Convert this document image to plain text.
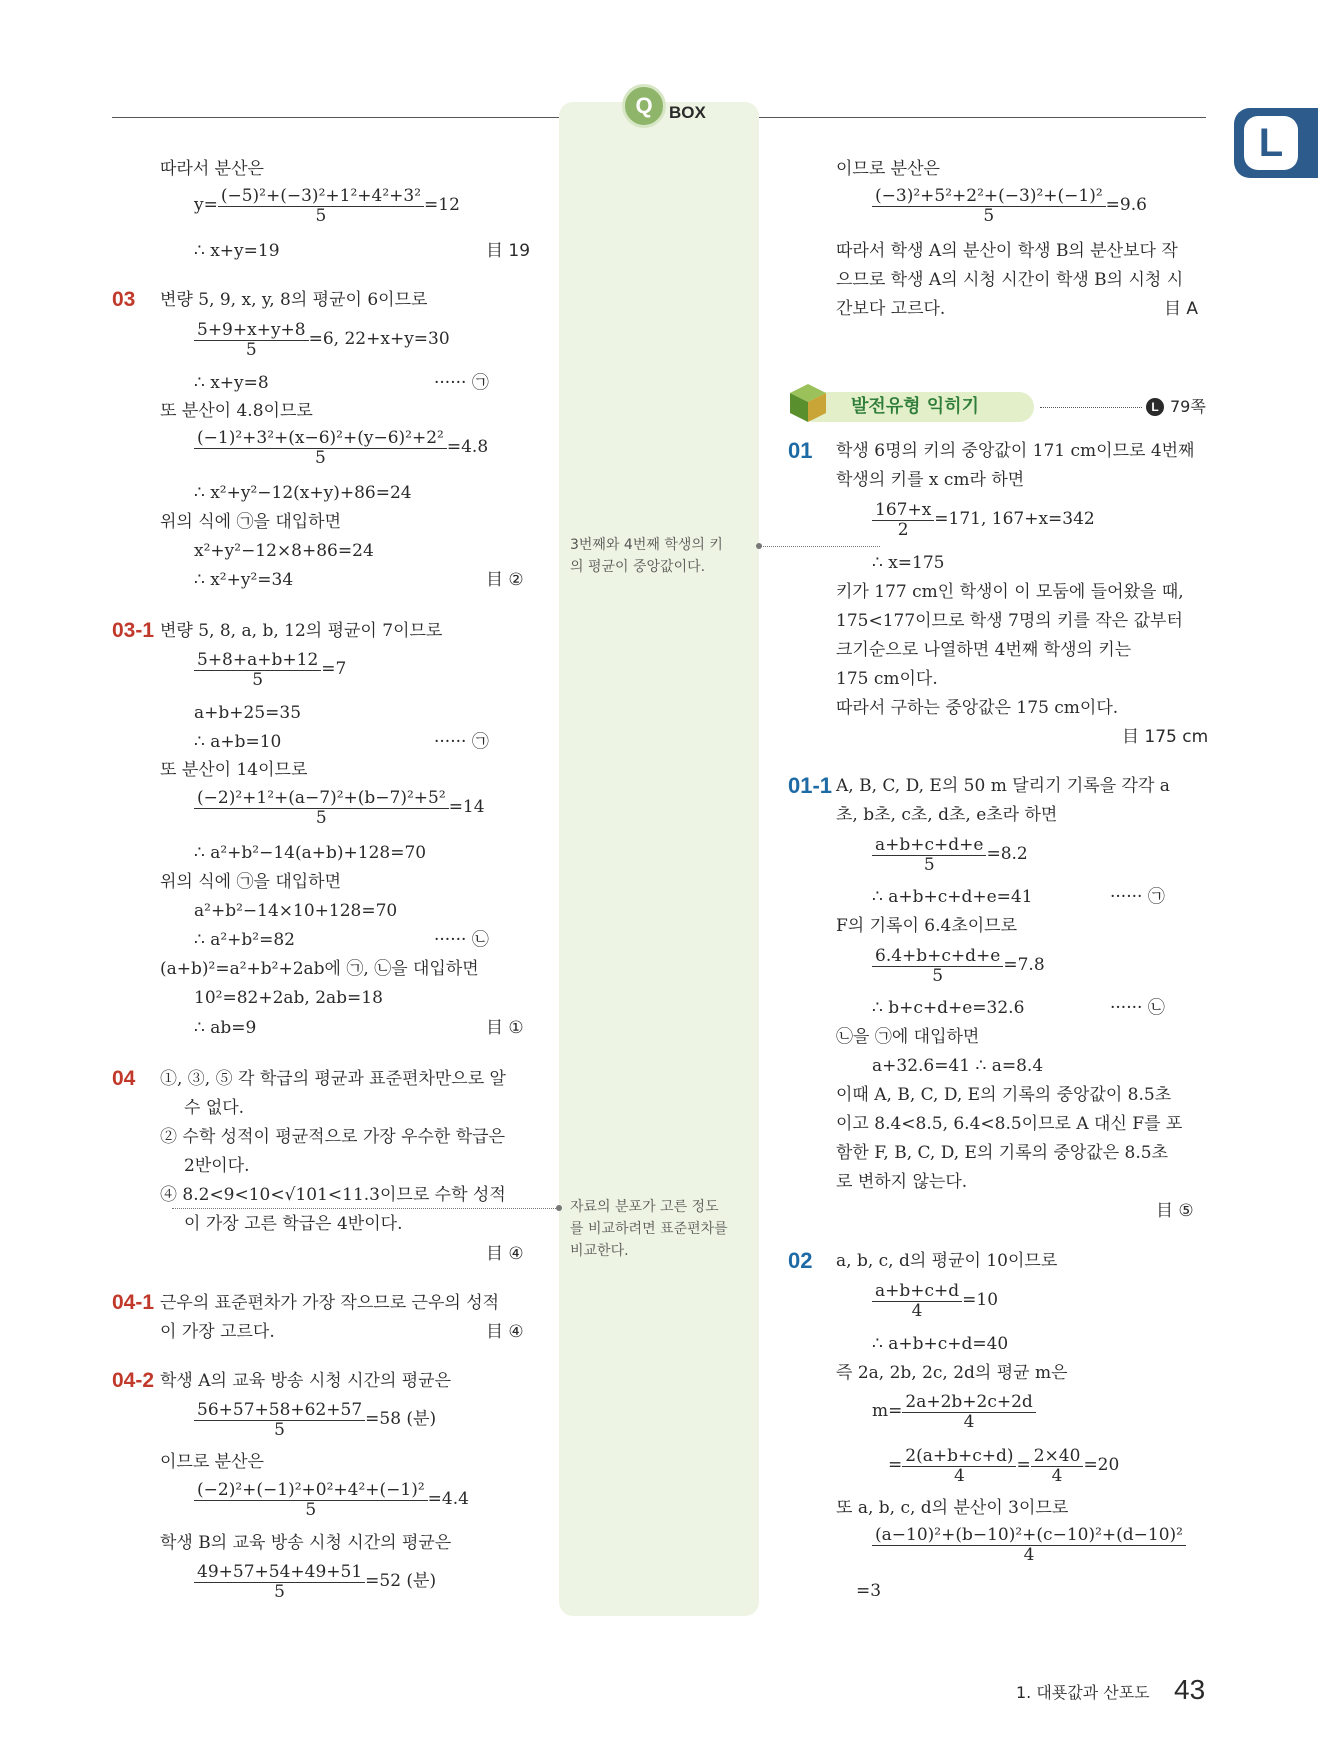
Q BOX
L
따라서 분산은
$y= \frac{\text{(−5)²+(−3)²+1²+4²+3²}}{5} =12$
∴ x+y=19	目 19
03 변량 5, 9, x, y, 8의 평균이 6이므로
$\frac{5+9+x+y+8}{5} =6$, 22+x+y=30
∴ x+y=8	······ ㉠
또 분산이 4.8이므로
$\frac{\text{(−1)²+3²+(x−6)²+(y−6)²+2²}}{5} =4.8$
∴ x²+y²−12(x+y)+86=24
위의 식에 ㉠을 대입하면
x²+y²−12×8+86=24
∴ x²+y²=34	目 ②
03-1 변량 5, 8, a, b, 12의 평균이 7이므로
$\frac{5+8+a+b+12}{5} =7$
a+b+25=35
∴ a+b=10	······ ㉠
또 분산이 14이므로
$\frac{\text{(−2)²+1²+(a−7)²+(b−7)²+5²}}{5} =14$
∴ a²+b²−14(a+b)+128=70
위의 식에 ㉠을 대입하면
a²+b²−14×10+128=70
∴ a²+b²=82	······ ㉡
(a+b)²=a²+b²+2ab에 ㉠, ㉡을 대입하면
10²=82+2ab, 2ab=18
∴ ab=9	目 ①
04 ①, ③, ⑤ 각 학급의 평균과 표준편차만으로 알
수 없다.
② 수학 성적이 평균적으로 가장 우수한 학급은
2반이다.
④ 8.2<9<10<√101<11.3이므로 수학 성적
이 가장 고른 학급은 4반이다.
目 ④
04-1 근우의 표준편차가 가장 작으므로 근우의 성적
이 가장 고르다.	目 ④
04-2 학생 A의 교육 방송 시청 시간의 평균은
$\frac{56+57+58+62+57}{5} =58$ (분)
이므로 분산은
$\frac{\text{(−2)²+(−1)²+0²+4²+(−1)²}}{5} =4.4$
학생 B의 교육 방송 시청 시간의 평균은
$\frac{49+57+54+49+51}{5} =52$ (분)
3번째와 4번째 학생의 키
의 평균이 중앙값이다.
자료의 분포가 고른 정도
를 비교하려면 표준편차를
비교한다.
이므로 분산은
$\frac{\text{(−3)²+5²+2²+(−3)²+(−1)²}}{5} =9.6$
따라서 학생 A의 분산이 학생 B의 분산보다 작
으므로 학생 A의 시청 시간이 학생 B의 시청 시
간보다 고르다.	目 A
발전유형 익히기	L 79쪽
01 학생 6명의 키의 중앙값이 171 cm이므로 4번째
학생의 키를 x cm라 하면
$\frac{167+x}{2} =171$, 167+x=342
∴ x=175
키가 177 cm인 학생이 이 모둠에 들어왔을 때,
175<177이므로 학생 7명의 키를 작은 값부터
크기순으로 나열하면 4번째 학생의 키는
175 cm이다.
따라서 구하는 중앙값은 175 cm이다.
目 175 cm
01-1 A, B, C, D, E의 50 m 달리기 기록을 각각 a
초, b초, c초, d초, e초라 하면
$\frac{a+b+c+d+e}{5} =8.2$
∴ a+b+c+d+e=41	······ ㉠
F의 기록이 6.4초이므로
$\frac{6.4+b+c+d+e}{5} =7.8$
∴ b+c+d+e=32.6	······ ㉡
㉡을 ㉠에 대입하면
a+32.6=41 ∴ a=8.4
이때 A, B, C, D, E의 기록의 중앙값이 8.5초
이고 8.4<8.5, 6.4<8.5이므로 A 대신 F를 포
함한 F, B, C, D, E의 기록의 중앙값은 8.5초
로 변하지 않는다.
目 ⑤
02 a, b, c, d의 평균이 10이므로
$\frac{a+b+c+d}{4} =10$
∴ a+b+c+d=40
즉 2a, 2b, 2c, 2d의 평균 m은
$m= \frac{2a+2b+2c+2d}{4}$
= $\frac{2(a+b+c+d)}{4} = \frac{2\times 40}{4} =20$
또 a, b, c, d의 분산이 3이므로
$\frac{\text{(a−10)²+(b−10)²+(c−10)²+(d−10)²}}{4}$
=3
1. 대푯값과 산포도 43
